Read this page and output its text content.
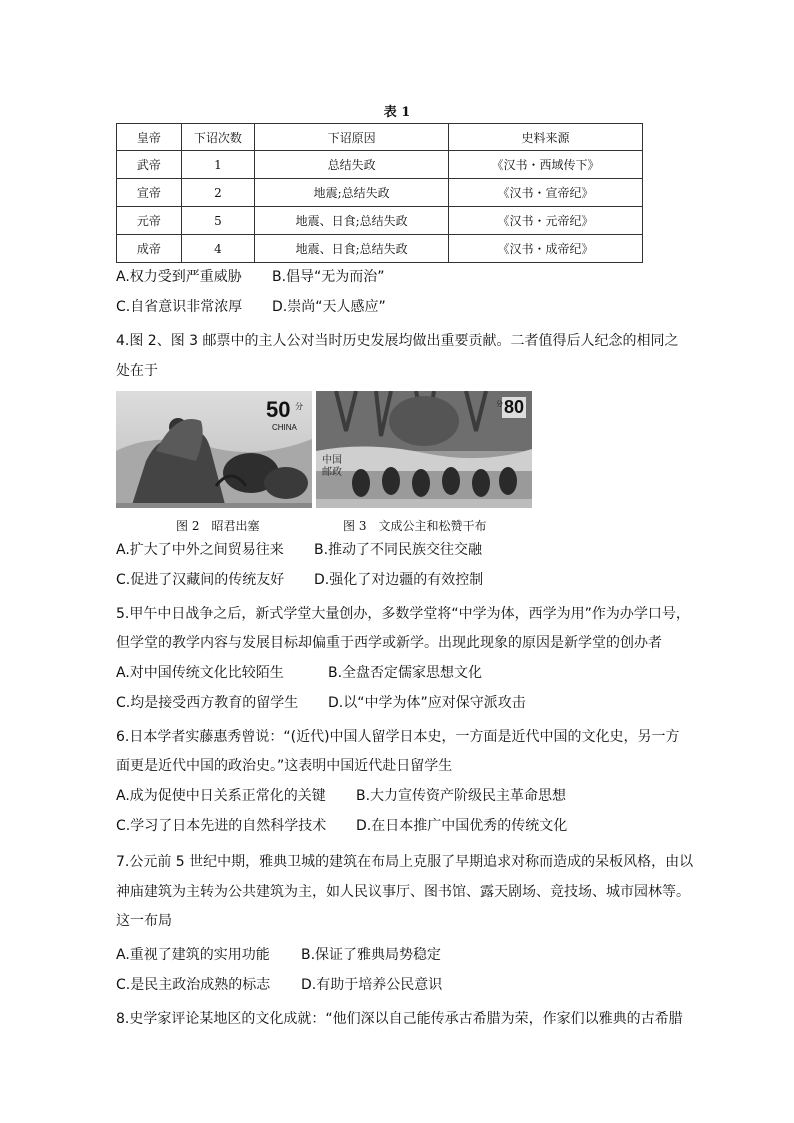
表 1
皇帝	下诏次数	下诏原因	史料来源
武帝	1	总结失政	《汉书・西域传下》
宣帝	2	地震;总结失政	《汉书・宣帝纪》
元帝	5	地震、日食;总结失政	《汉书・元帝纪》
成帝	4	地震、日食;总结失政	《汉书・成帝纪》
A.权力受到严重威胁 B.倡导“无为而治”
C.自省意识非常浓厚 D.崇尚“天人感应”
4.图 2、图 3 邮票中的主人公对当时历史发展均做出重要贡献。二者值得后人纪念的相同之
处在于
50 分
CHINA
80
分
中国邮政
图 2　昭君出塞	图 3　文成公主和松赞干布
A.扩大了中外之间贸易往来 B.推动了不同民族交往交融
C.促进了汉藏间的传统友好 D.强化了对边疆的有效控制
5.甲午中日战争之后，新式学堂大量创办，多数学堂将“中学为体，西学为用”作为办学口号，
但学堂的教学内容与发展目标却偏重于西学或新学。出现此现象的原因是新学堂的创办者
A.对中国传统文化比较陌生	B.全盘否定儒家思想文化
C.均是接受西方教育的留学生 D.以“中学为体”应对保守派攻击
6.日本学者实藤惠秀曾说：“(近代)中国人留学日本史，一方面是近代中国的文化史，另一方
面更是近代中国的政治史。”这表明中国近代赴日留学生
A.成为促使中日关系正常化的关键 B.大力宣传资产阶级民主革命思想
C.学习了日本先进的自然科学技术 D.在日本推广中国优秀的传统文化
7.公元前 5 世纪中期，雅典卫城的建筑在布局上克服了早期追求对称而造成的呆板风格，由以
神庙建筑为主转为公共建筑为主，如人民议事厅、图书馆、露天剧场、竞技场、城市园林等。
这一布局
A.重视了建筑的实用功能 B.保证了雅典局势稳定
C.是民主政治成熟的标志 D.有助于培养公民意识
8.史学家评论某地区的文化成就：“他们深以自己能传承古希腊为荣，作家们以雅典的古希腊
